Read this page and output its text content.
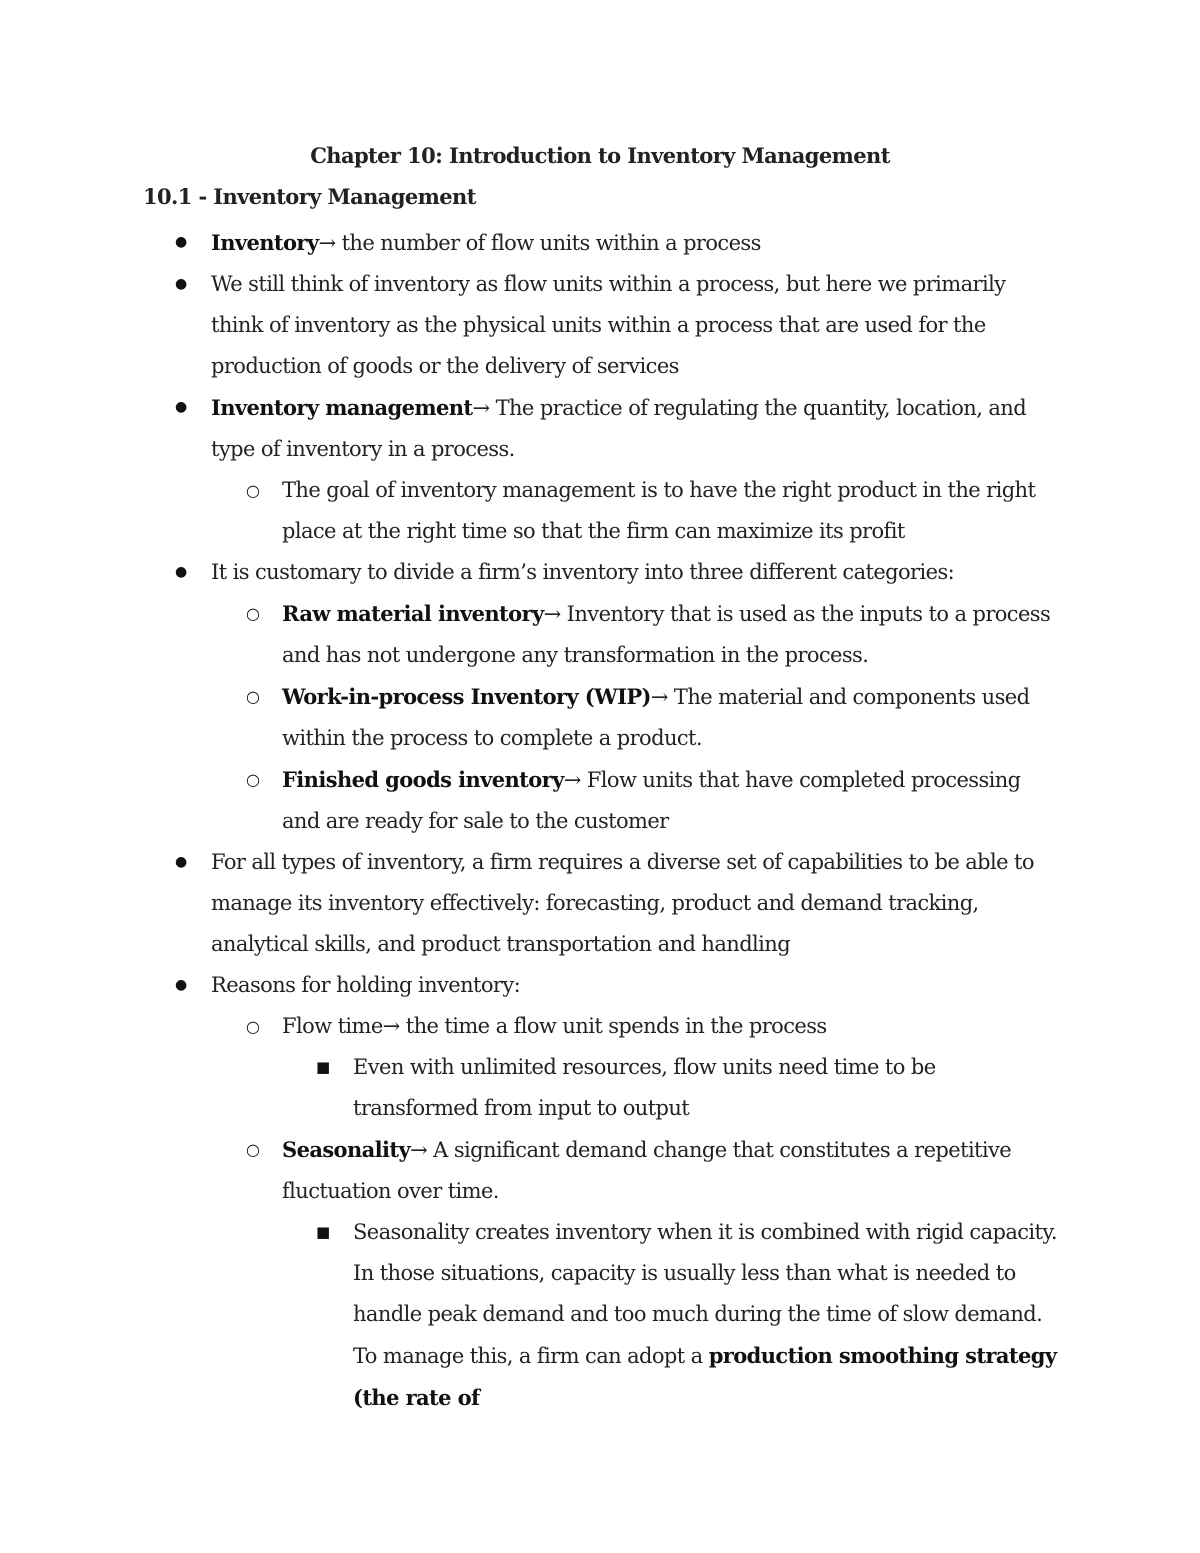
Chapter 10: Introduction to Inventory Management
10.1 - Inventory Management
● Inventory→ the number of flow units within a process
● We still think of inventory as flow units within a process, but here we primarily think of inventory as the physical units within a process that are used for the production of goods or the delivery of services
● Inventory management→ The practice of regulating the quantity, location, and type of inventory in a process.
○ The goal of inventory management is to have the right product in the right place at the right time so that the firm can maximize its profit
● It is customary to divide a firm’s inventory into three different categories:
○ Raw material inventory→ Inventory that is used as the inputs to a process and has not undergone any transformation in the process.
○ Work-in-process Inventory (WIP)→ The material and components used within the process to complete a product.
○ Finished goods inventory→ Flow units that have completed processing and are ready for sale to the customer
● For all types of inventory, a firm requires a diverse set of capabilities to be able to manage its inventory effectively: forecasting, product and demand tracking, analytical skills, and product transportation and handling
● Reasons for holding inventory:
○ Flow time→ the time a flow unit spends in the process
■ Even with unlimited resources, flow units need time to be transformed from input to output
○ Seasonality→ A significant demand change that constitutes a repetitive fluctuation over time.
■ Seasonality creates inventory when it is combined with rigid capacity. In those situations, capacity is usually less than what is needed to handle peak demand and too much during the time of slow demand. To manage this, a firm can adopt a production smoothing strategy (the rate of
